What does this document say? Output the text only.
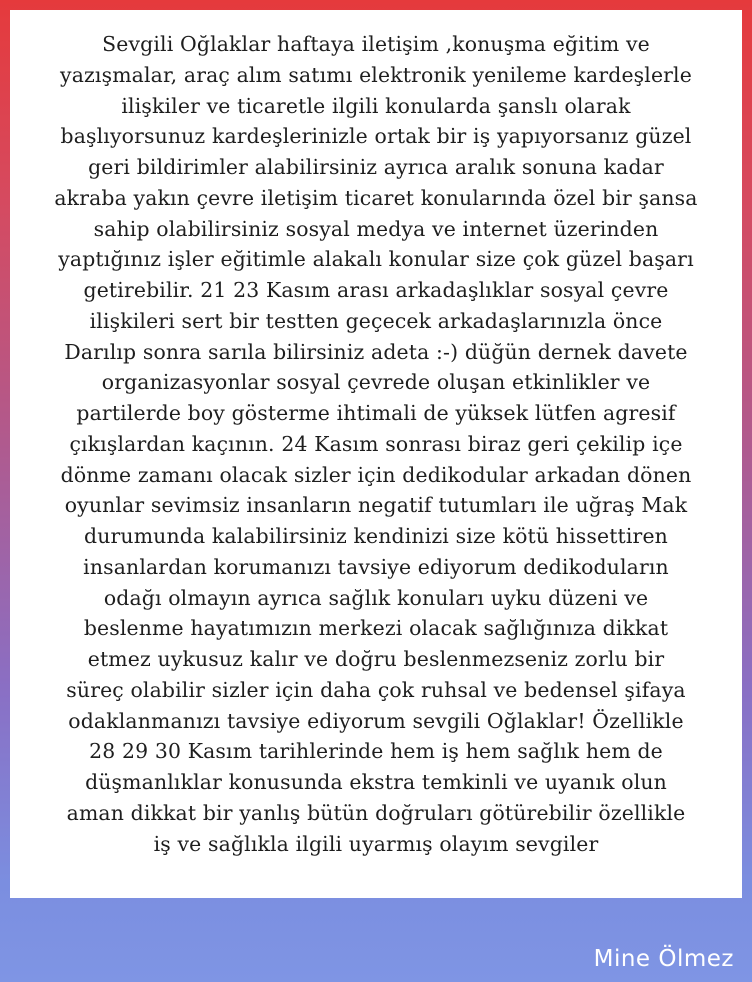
Sevgili Oğlaklar haftaya iletişim ,konuşma eğitim ve
yazışmalar, araç alım satımı elektronik yenileme kardeşlerle
ilişkiler ve ticaretle ilgili konularda şanslı olarak
başlıyorsunuz kardeşlerinizle ortak bir iş yapıyorsanız güzel
geri bildirimler alabilirsiniz ayrıca aralık sonuna kadar
akraba yakın çevre iletişim ticaret konularında özel bir şansa
sahip olabilirsiniz sosyal medya ve internet üzerinden
yaptığınız işler eğitimle alakalı konular size çok güzel başarı
getirebilir. 21 23 Kasım arası arkadaşlıklar sosyal çevre
ilişkileri sert bir testten geçecek arkadaşlarınızla önce
Darılıp sonra sarıla bilirsiniz adeta :-) düğün dernek davete
organizasyonlar sosyal çevrede oluşan etkinlikler ve
partilerde boy gösterme ihtimali de yüksek lütfen agresif
çıkışlardan kaçının. 24 Kasım sonrası biraz geri çekilip içe
dönme zamanı olacak sizler için dedikodular arkadan dönen
oyunlar sevimsiz insanların negatif tutumları ile uğraş Mak
durumunda kalabilirsiniz kendinizi size kötü hissettiren
insanlardan korumanızı tavsiye ediyorum dedikoduların
odağı olmayın ayrıca sağlık konuları uyku düzeni ve
beslenme hayatımızın merkezi olacak sağlığınıza dikkat
etmez uykusuz kalır ve doğru beslenmezseniz zorlu bir
süreç olabilir sizler için daha çok ruhsal ve bedensel şifaya
odaklanmanızı tavsiye ediyorum sevgili Oğlaklar! Özellikle
28 29 30 Kasım tarihlerinde hem iş hem sağlık hem de
düşmanlıklar konusunda ekstra temkinli ve uyanık olun
aman dikkat bir yanlış bütün doğruları götürebilir özellikle
iş ve sağlıkla ilgili uyarmış olayım sevgiler

Mine Ölmez
